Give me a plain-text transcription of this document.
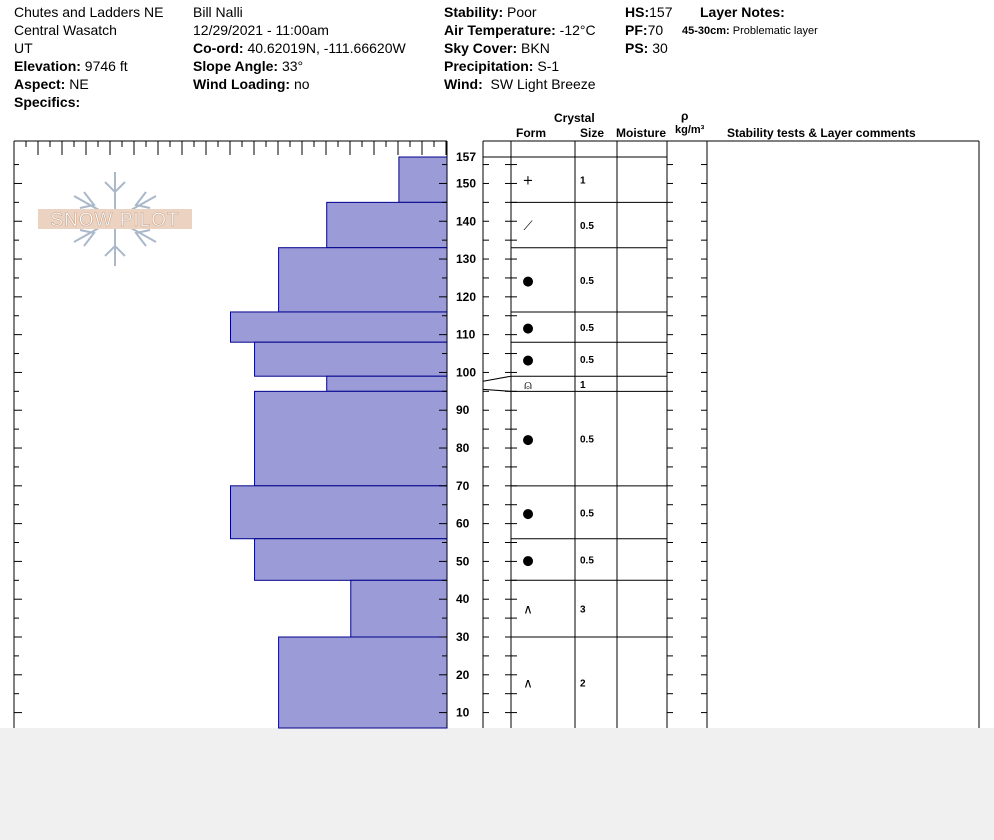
Chutes and Ladders NE
Central Wasatch
UT
Elevation: 9746 ft
Aspect: NE
Specifics:
Bill Nalli
12/29/2021 - 11:00am
Co-ord: 40.62019N, -111.66620W
Slope Angle: 33°
Wind Loading: no
Stability: Poor
Air Temperature: -12°C
Sky Cover: BKN
Precipitation: S-1
Wind: SW Light Breeze
HS:157
PF:70
PS: 30
Layer Notes:
45-30cm: Problematic layer
Crystal
Form	Size Moisture
ρ
kg/m³ Stability tests & Layer comments
SNOW PILOT
10
20
30
40
50
60
70
80
90
100
110
120
130
140
150
157
+	1
⟋	0.5
●	0.5
●	0.5
●	0.5
⍝	1
●	0.5
●	0.5
●	0.5
∧	3
∧	2
